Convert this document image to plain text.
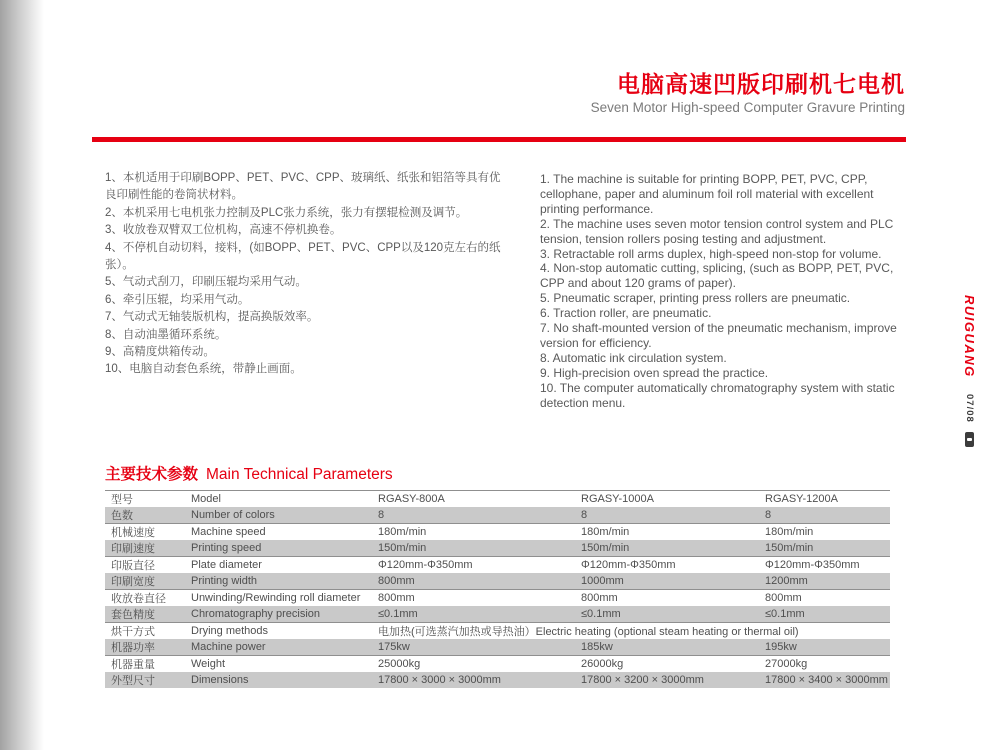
电脑高速凹版印刷机七电机
Seven Motor High-speed Computer Gravure Printing
1、本机适用于印刷BOPP、PET、PVC、CPP、玻璃纸、纸张和铝箔等具有优良印刷性能的卷筒状材料。
2、本机采用七电机张力控制及PLC张力系统，张力有摆辊检测及调节。
3、收放卷双臂双工位机构，高速不停机换卷。
4、不停机自动切料，接料，(如BOPP、PET、PVC、CPP以及120克左右的纸张）。
5、气动式刮刀，印刷压辊均采用气动。
6、牵引压辊，均采用气动。
7、气动式无轴装版机构，提高换版效率。
8、自动油墨循环系统。
9、高精度烘箱传动。
10、电脑自动套色系统，带静止画面。
1. The machine is suitable for printing BOPP, PET, PVC, CPP, cellophane, paper and aluminum foil roll material with excellent printing performance.
2. The machine uses seven motor tension control system and PLC tension, tension rollers posing testing and adjustment.
3. Retractable roll arms duplex, high-speed non-stop for volume.
4. Non-stop automatic cutting, splicing, (such as BOPP, PET, PVC, CPP and about 120 grams of paper).
5. Pneumatic scraper, printing press rollers are pneumatic.
6. Traction roller, are pneumatic.
7. No shaft-mounted version of the pneumatic mechanism, improve version for efficiency.
8. Automatic ink circulation system.
9. High-precision oven spread the practice.
10. The computer automatically chromatography system with static detection menu.
主要技术参数 Main Technical Parameters
型号	Model	RGASY-800A	RGASY-1000A	RGASY-1200A
色数	Number of colors	8	8	8
机械速度	Machine speed	180m/min	180m/min	180m/min
印刷速度	Printing speed	150m/min	150m/min	150m/min
印版直径	Plate diameter	Φ120mm-Φ350mm	Φ120mm-Φ350mm	Φ120mm-Φ350mm
印刷宽度	Printing width	800mm	1000mm	1200mm
收放卷直径	Unwinding/Rewinding roll diameter	800mm	800mm	800mm
套色精度	Chromatography precision	≤0.1mm	≤0.1mm	≤0.1mm
烘干方式	Drying methods	电加热(可选蒸汽加热或导热油）Electric heating (optional steam heating or thermal oil)		
机器功率	Machine power	175kw	185kw	195kw
机器重量	Weight	25000kg	26000kg	27000kg
外型尺寸	Dimensions	17800 × 3000 × 3000mm	17800 × 3200 × 3000mm	17800 × 3400 × 3000mm
RUIGUANG 07/08
